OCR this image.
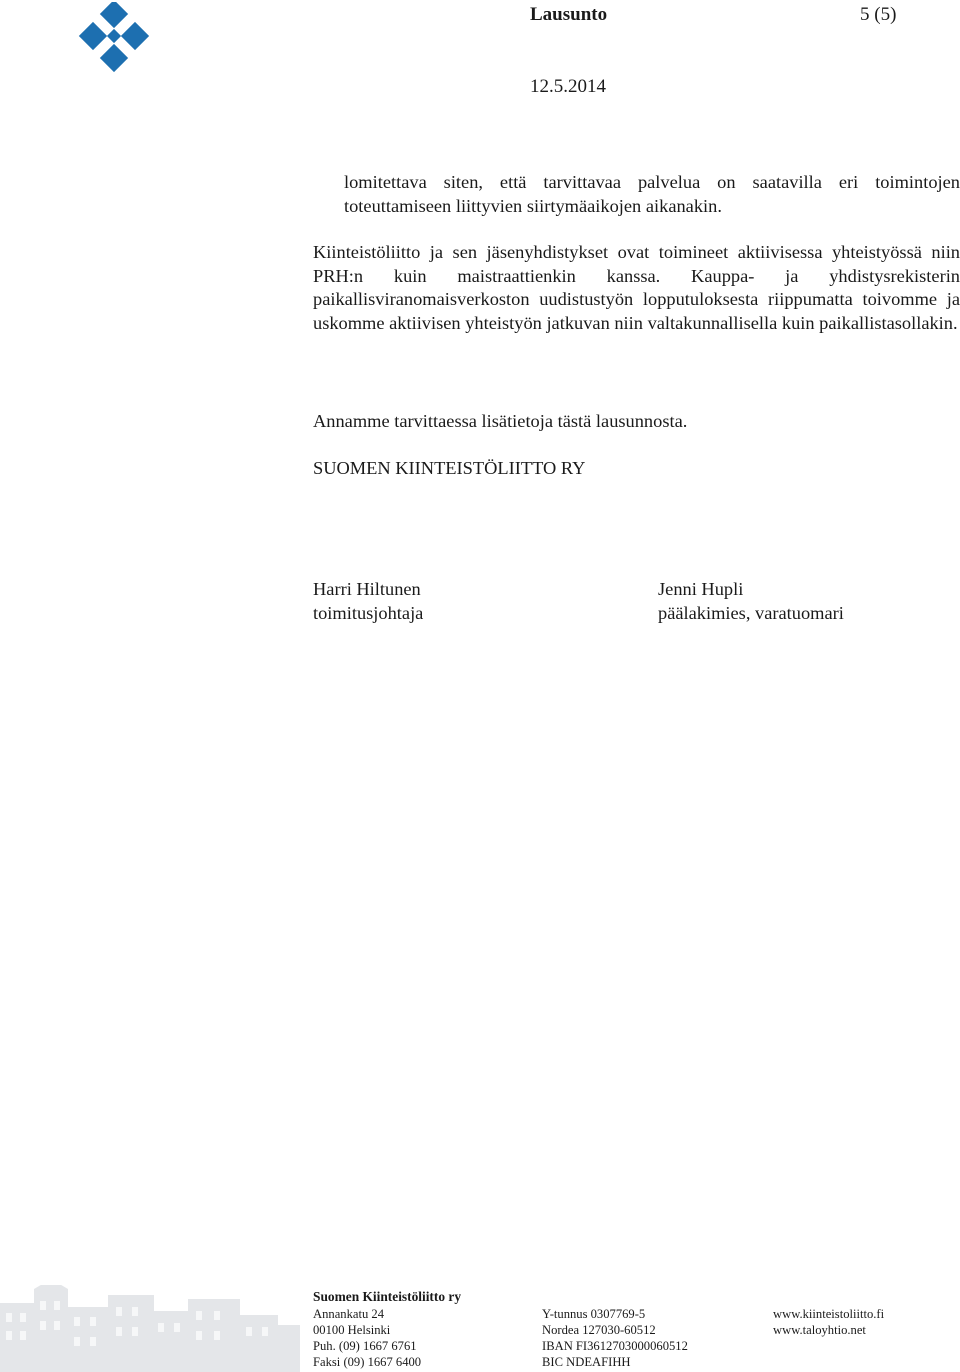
Lausunto	5 (5)
12.5.2014
lomitettava siten, että tarvittavaa palvelua on saatavilla eri toimintojen toteuttamiseen liittyvien siirtymäaikojen aikanakin.
Kiinteistöliitto ja sen jäsenyhdistykset ovat toimineet aktiivisessa yhteistyössä niin PRH:n kuin maistraattienkin kanssa. Kauppa- ja yhdistysrekisterin paikallisviranomaisverkoston uudistustyön lopputuloksesta riippumatta toivomme ja uskomme aktiivisen yhteistyön jatkuvan niin valtakunnallisella kuin paikallistasollakin.
Annamme tarvittaessa lisätietoja tästä lausunnosta.
SUOMEN KIINTEISTÖLIITTO RY
Harri Hiltunen
toimitusjohtaja
Jenni Hupli
päälakimies, varatuomari
Suomen Kiinteistöliitto ry
Annankatu 24
00100 Helsinki
Puh. (09) 1667 6761
Faksi (09) 1667 6400
Y-tunnus 0307769-5
Nordea 127030-60512
IBAN FI3612703000060512
BIC NDEAFIHH
www.kiinteistoliitto.fi
www.taloyhtio.net
